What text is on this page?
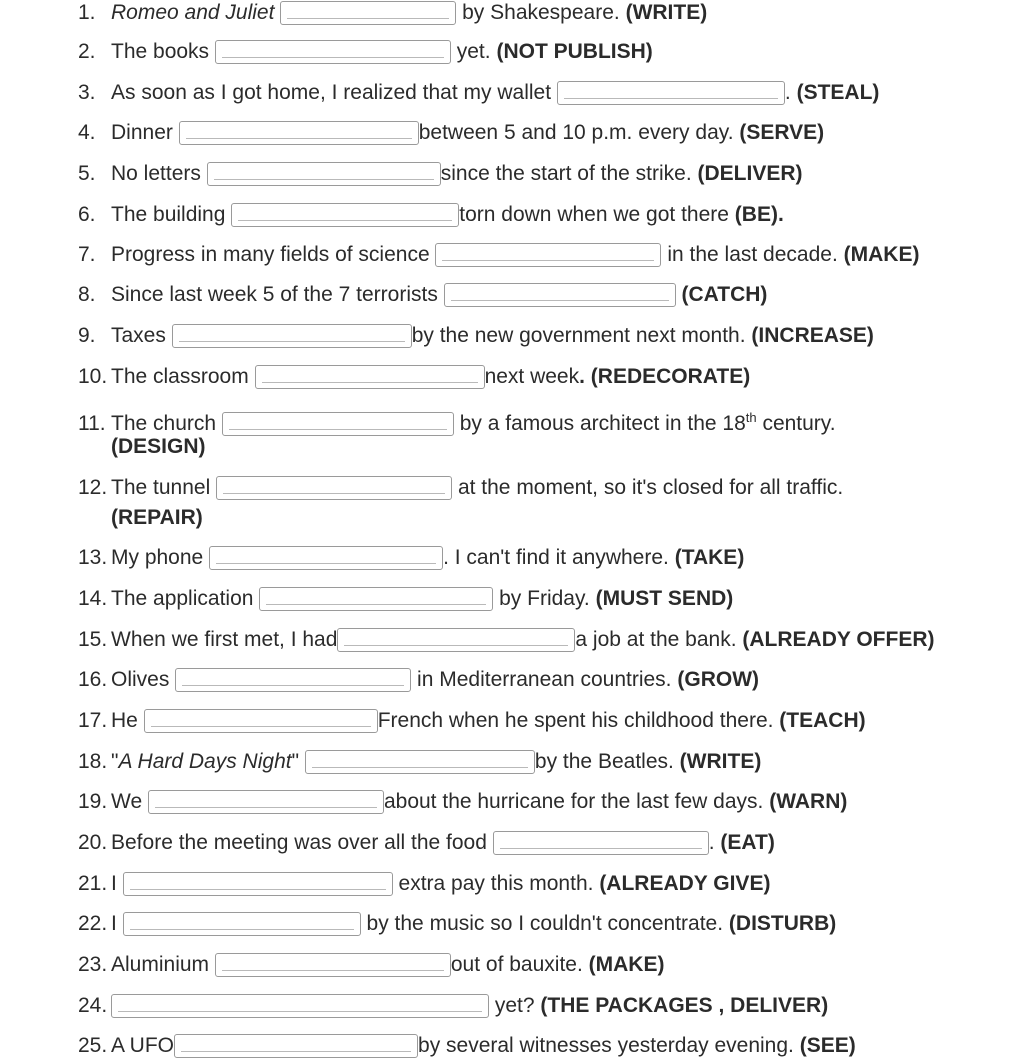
1. Romeo and Juliet	by Shakespeare. (WRITE)
2. The books	yet. (NOT PUBLISH)
3. As soon as I got home, I realized that my wallet	. (STEAL)
4. Dinner	between 5 and 10 p.m. every day. (SERVE)
5. No letters	since the start of the strike. (DELIVER)
6. The building	torn down when we got there (BE).
7. Progress in many fields of science	in the last decade. (MAKE)
8. Since last week 5 of the 7 terrorists	(CATCH)
9. Taxes	by the new government next month. (INCREASE)
10. The classroom	next week. (REDECORATE)
11. The church	by a famous architect in the 18th century.
(DESIGN)
12. The tunnel	at the moment, so it's closed for all traffic.
(REPAIR)
13. My phone	. I can't find it anywhere. (TAKE)
14. The application	by Friday. (MUST SEND)
15. When we first met, I had	a job at the bank. (ALREADY OFFER)
16. Olives	in Mediterranean countries. (GROW)
17. He	French when he spent his childhood there. (TEACH)
18. "A Hard Days Night"	by the Beatles. (WRITE)
19. We	about the hurricane for the last few days. (WARN)
20. Before the meeting was over all the food	. (EAT)
21. I	extra pay this month. (ALREADY GIVE)
22. I	by the music so I couldn't concentrate. (DISTURB)
23. Aluminium	out of bauxite. (MAKE)
24.	yet? (THE PACKAGES , DELIVER)
25. A UFO	by several witnesses yesterday evening. (SEE)
